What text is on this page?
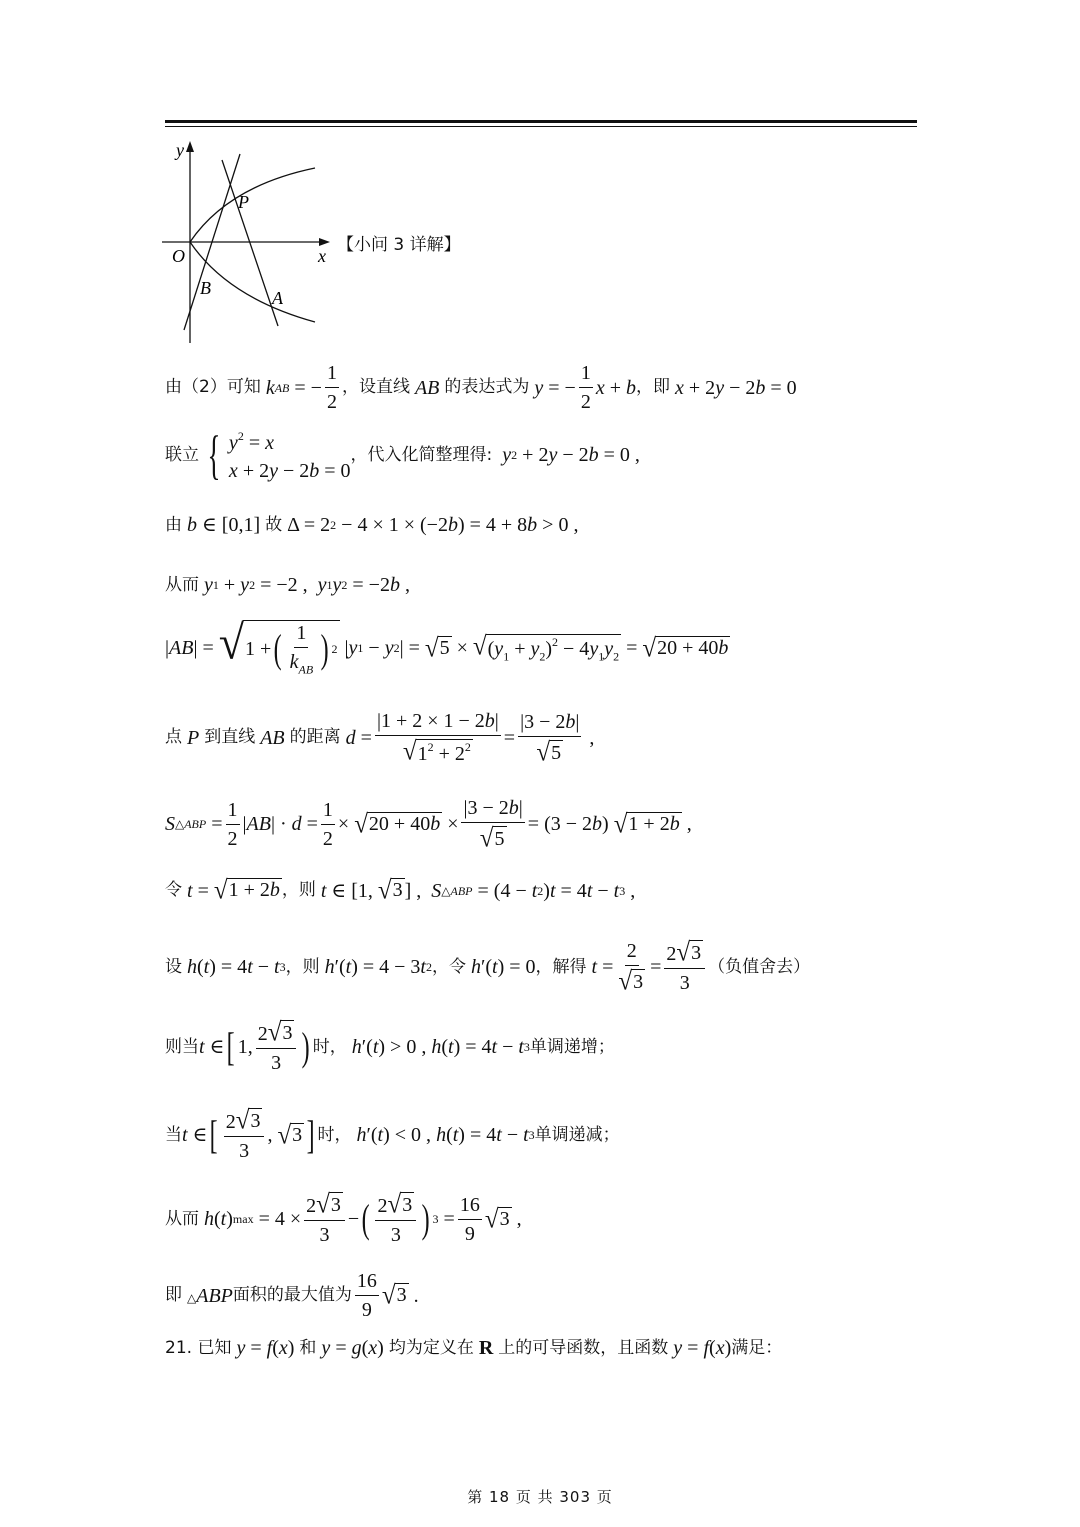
y
x
O
P
A
B
【小问 3 详解】
由（2）可知 k AB = − $\frac{1}{2}$ ，设直线 AB 的表达式为 y = − $\frac{1}{2}$ x + b ，即 x + 2 y − 2 b = 0
联立 { $y^2 = x$
x + 2y − 2b = 0
，代入化简整理得: y 2 + 2 y − 2 b = 0 ,
由 b ∈ [0,1] 故 Δ = 2 2 − 4 × 1 × (−2 b ) = 4 + 8 b > 0 ,
从而 y 1 + y 2 = −2 , y 1 y 2 = −2 b ,
| AB | = √ 1 + ( $\frac{1}{k_{AB}}$ ) 2 | y 1 − y 2 | = √ 5 × √ $(y_1 + y_2)^2 - 4y_1y_2$ = √ 20 + 40b
点 P 到直线 AB 的距离 $d = \frac{|1 + 2 \times 1 - 2b|}{√ 1^2 + 2^2} = \frac{|3 - 2b|}{√ 5}$ ,
S △ABP = $\frac{1}{2}$ | AB | · $d = \frac{1}{2}$ × √ $20 + 40b \times \frac{|3 - 2b|}{√ 5} = (3 - 2$ b ) √ 1 + 2b ,
令 t = √ 1 + 2b ，则 t ∈ [1, √ 3 ] , S △ABP = (4 − t 2 ) t = 4 t − t 3 ,
设 h ( t ) = 4 t − t 3 ，则 h ′( t ) = 4 − 3 t 2 ，令 h ′( t ) = 0 ，解得 $t = \frac{2}{√ 3} = \frac{2 √ 3}{3}$ （负值舍去）
则当 t ∈ [ 1, $\frac{2 √ 3}{3}$ ) 时， h ′( t ) > 0 , h ( t ) = 4 t − t 3 单调递增；
当 t ∈ [ $\frac{2 √ 3}{3}$ , √ 3 ] 时， h ′( t ) < 0 , h ( t ) = 4 t − t 3 单调递减；
从而 h ( t ) $\max = 4 \times \frac{2 √ 3}{3}$ − ( $\frac{2 √ 3}{3}$ ) $3 = \frac{16}{9}$ √ 3 ,
即 △ABP 面积的最大值为 $\frac{16}{9}$ √ 3 .
21. 已知 y = f ( x ) 和 y = g ( x ) 均为定义在 R 上的可导函数，且函数 y = f ( x ) 满足：
第 18 页 共 303 页
